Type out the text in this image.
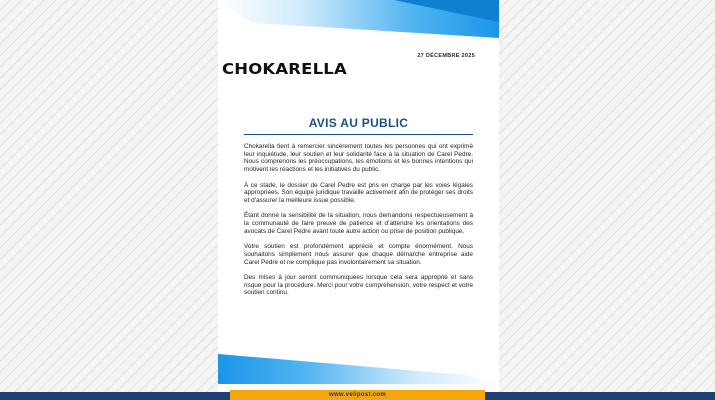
27 DÉCEMBRE 2025
CHOKARELLA
AVIS AU PUBLIC

Chokarella tient à remercier sincèrement toutes les personnes qui ont exprimé leur inquiétude, leur soutien et leur solidarité face à la situation de Carel Pedre. Nous comprenons les préoccupations, les émotions et les bonnes intentions qui motivent les réactions et les initiatives du public.

À ce stade, le dossier de Carel Pedre est pris en charge par les voies légales appropriées. Son équipe juridique travaille activement afin de protéger ses droits et d’assurer la meilleure issue possible.

Étant donné la sensibilité de la situation, nous demandons respectueusement à la communauté de faire preuve de patience et d’attendre les orientations des avocats de Carel Pedre avant toute autre action ou prise de position publique.

Votre soutien est profondément apprécié et compte énormément. Nous souhaitons simplement nous assurer que chaque démarche entreprise aide Carel Pedre et ne complique pas involontairement sa situation.

Des mises à jour seront communiquées lorsque cela sera approprié et sans risque pour la procédure. Merci pour votre compréhension, votre respect et votre soutien continu.

www.velipost.com
